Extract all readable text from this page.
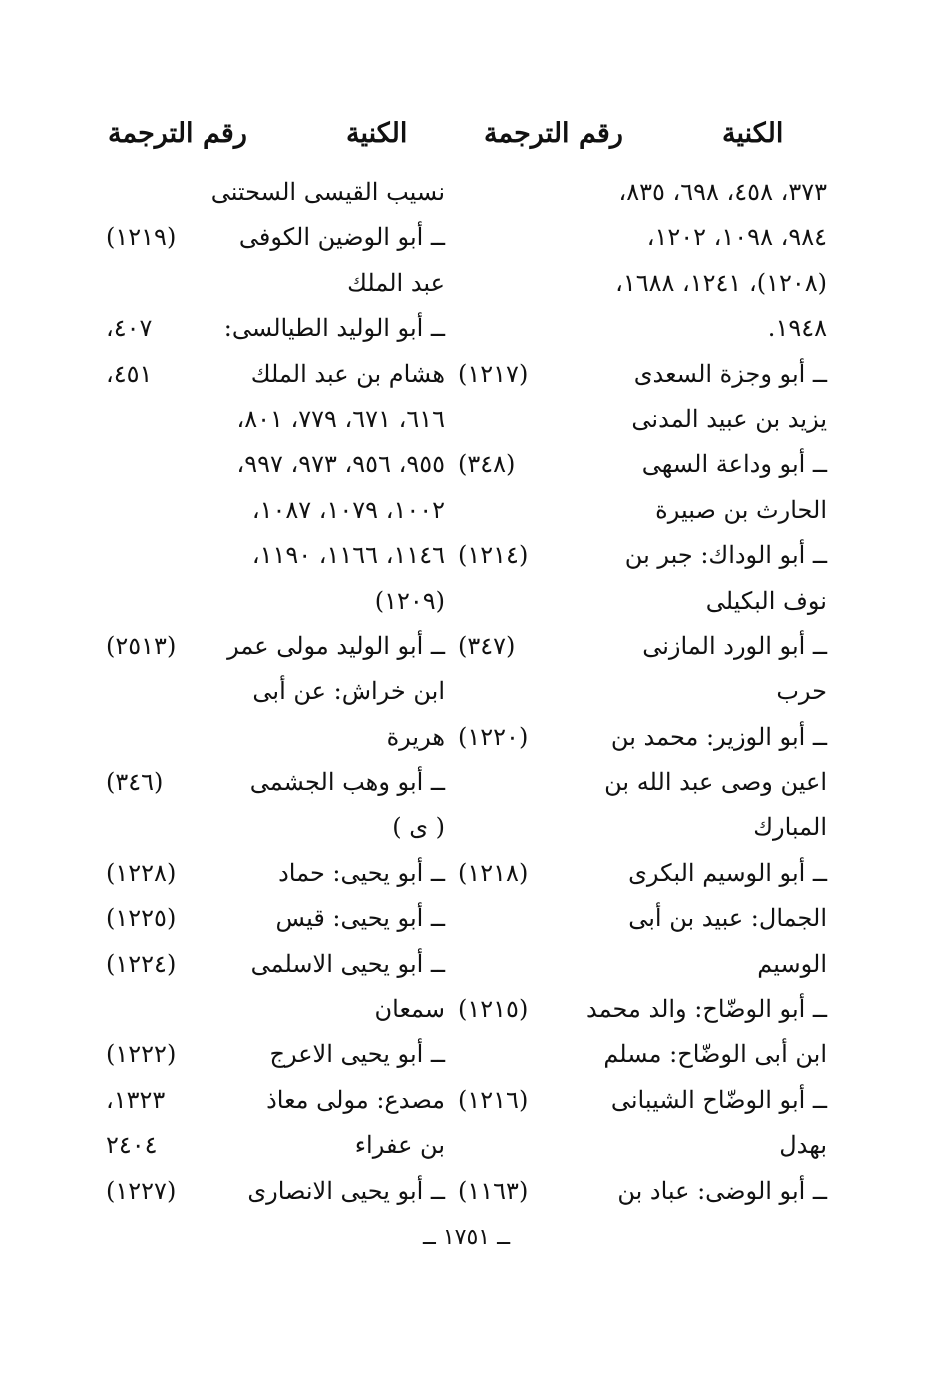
الكنية
رقم الترجمة
الكنية
رقم الترجمة
٣٧٣، ٤٥٨، ٦٩٨، ٨٣٥،
٩٨٤، ١٠٩٨، ١٢٠٢،
(١٢٠٨)، ١٢٤١، ١٦٨٨،
١٩٤٨.
ــ أبو وجزة السعدى
(١٢١٧)
يزيد بن عبيد المدنى
ــ أبو وداعة السهى
(٣٤٨)
الحارث بن صبيرة
ــ أبو الوداك: جبر بن
(١٢١٤)
نوف البكيلى
ــ أبو الورد المازنى
(٣٤٧)
حرب
ــ أبو الوزير: محمد بن
(١٢٢٠)
اعين وصى عبد الله بن
المبارك
ــ أبو الوسيم البكرى
(١٢١٨)
الجمال: عبيد بن أبى
الوسيم
ــ أبو الوضّاح: والد محمد
(١٢١٥)
ابن أبى الوضّاح: مسلم
ــ أبو الوضّاح الشيبانى
(١٢١٦)
بهدل
ــ أبو الوضى: عباد بن
(١١٦٣)
نسيب القيسى السحتنى
ــ أبو الوضين الكوفى
(١٢١٩)
عبد الملك
ــ أبو الوليد الطيالسى:
٤٠٧،
هشام بن عبد الملك
٤٥١،
٦١٦، ٦٧١، ٧٧٩، ٨٠١،
٩٥٥، ٩٥٦، ٩٧٣، ٩٩٧،
١٠٠٢، ١٠٧٩، ١٠٨٧،
١١٤٦، ١١٦٦، ١١٩٠،
(١٢٠٩)
ــ أبو الوليد مولى عمر
(٢٥١٣)
ابن خراش: عن أبى
هريرة
ــ أبو وهب الجشمى
(٣٤٦)
( ى )
ــ أبو يحيى: حماد
(١٢٢٨)
ــ أبو يحيى: قيس
(١٢٢٥)
ــ أبو يحيى الاسلمى
(١٢٢٤)
سمعان
ــ أبو يحيى الاعرج
(١٢٢٢)
مصدع: مولى معاذ
١٣٢٣،
بن عفراء
٢٤٠٤
ــ أبو يحيى الانصارى
(١٢٢٧)
ــ ١٧٥١ ــ
